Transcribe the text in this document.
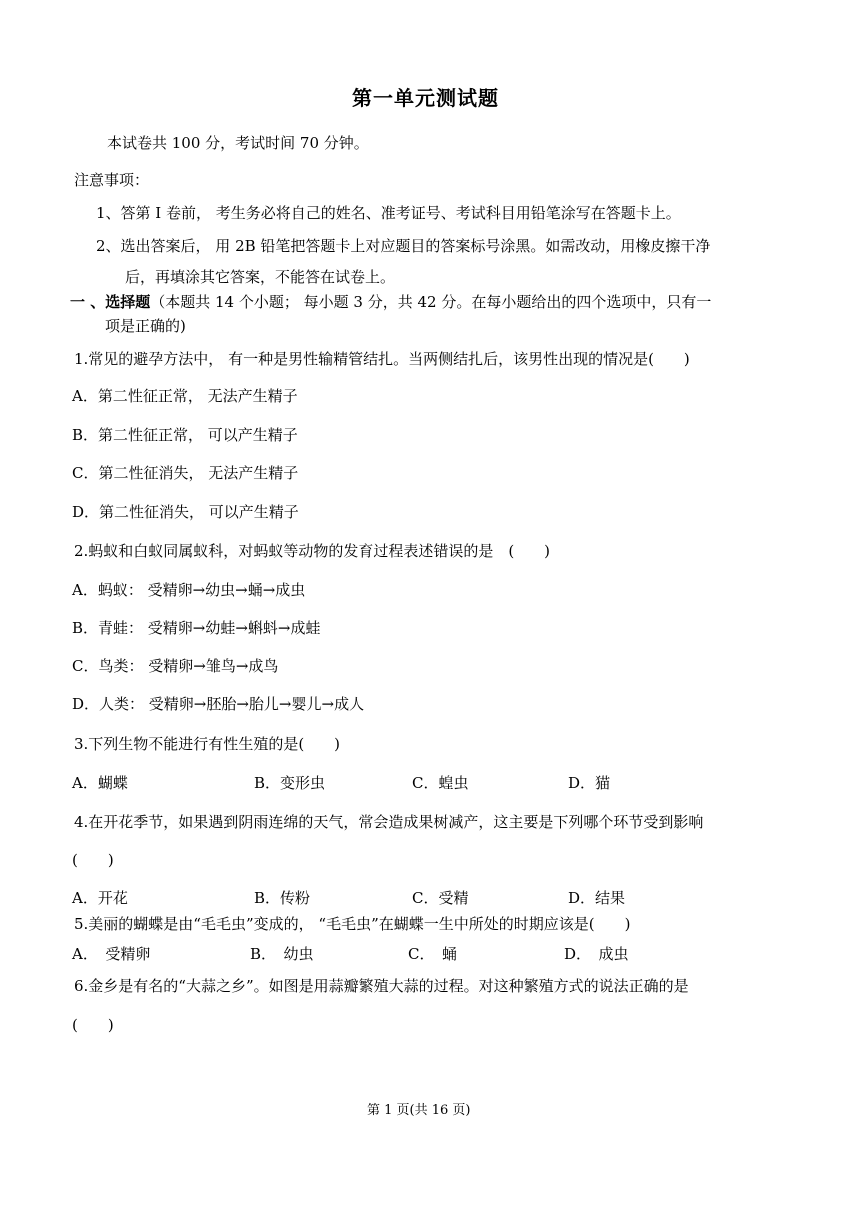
第一单元测试题
本试卷共 100 分，考试时间 70 分钟。
注意事项：
1、答第 Ⅰ 卷前， 考生务必将自己的姓名、准考证号、考试科目用铅笔涂写在答题卡上。
2、选出答案后， 用 2B 铅笔把答题卡上对应题目的答案标号涂黑。如需改动，用橡皮擦干净
后，再填涂其它答案，不能答在试卷上。
一 、选择题（本题共 14 个小题； 每小题 3 分，共 42 分。在每小题给出的四个选项中，只有一
项是正确的)
1.常见的避孕方法中， 有一种是男性输精管结扎。当两侧结扎后，该男性出现的情况是(　　)
A．第二性征正常， 无法产生精子
B．第二性征正常， 可以产生精子
C．第二性征消失， 无法产生精子
D．第二性征消失， 可以产生精子
2.蚂蚁和白蚁同属蚁科，对蚂蚁等动物的发育过程表述错误的是　(　　)
A．蚂蚁： 受精卵→幼虫→蛹→成虫
B．青蛙： 受精卵→幼蛙→蝌蚪→成蛙
C．鸟类： 受精卵→雏鸟→成鸟
D．人类： 受精卵→胚胎→胎儿→婴儿→成人
3.下列生物不能进行有性生殖的是(　　)
A．蝴蝶	B．变形虫	C．蝗虫	D．猫
4.在开花季节，如果遇到阴雨连绵的天气，常会造成果树减产，这主要是下列哪个环节受到影响
(　　)
A．开花	B．传粉	C．受精	D．结果
5.美丽的蝴蝶是由“毛毛虫”变成的， “毛毛虫”在蝴蝶一生中所处的时期应该是(　　)
A．　受精卵	B．　幼虫	C．　蛹	D．　成虫
6.金乡是有名的“大蒜之乡”。如图是用蒜瓣繁殖大蒜的过程。对这种繁殖方式的说法正确的是
(　　)
第 1 页(共 16 页)
